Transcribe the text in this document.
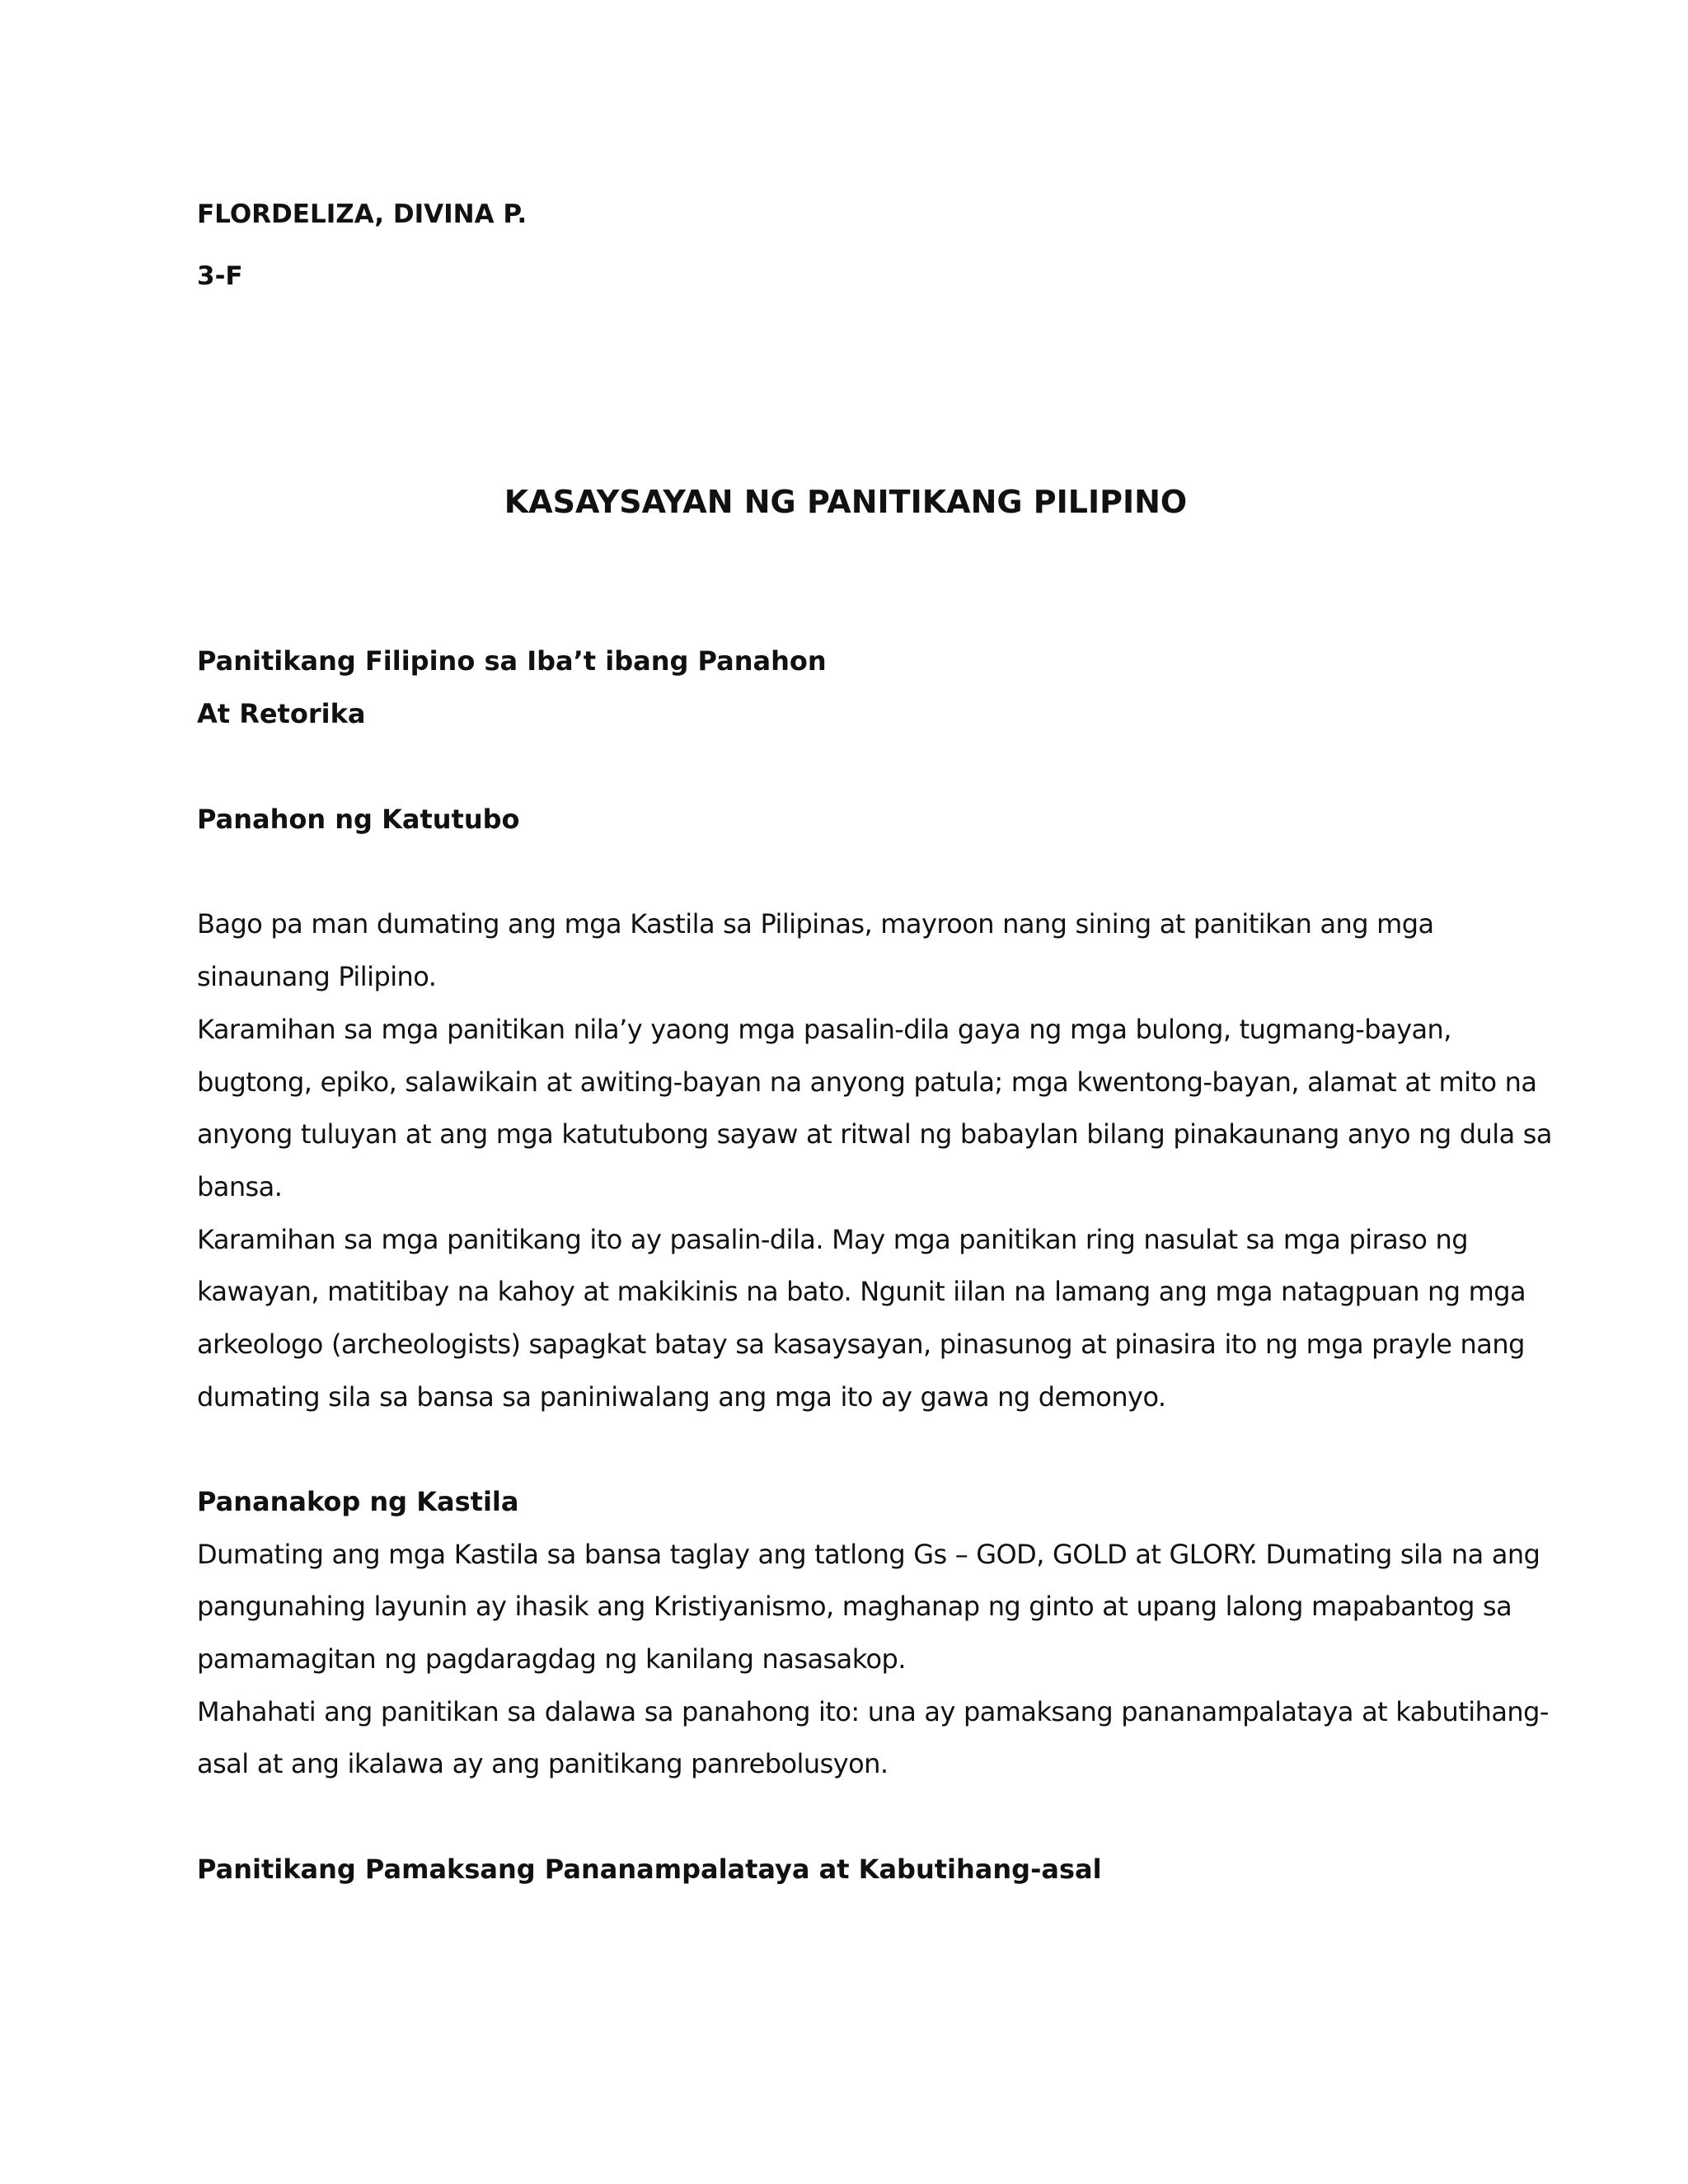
FLORDELIZA, DIVINA P.

3-F

KASAYSAYAN NG PANITIKANG PILIPINO

Panitikang Filipino sa Iba’t ibang Panahon

At Retorika

Panahon ng Katutubo

Bago pa man dumating ang mga Kastila sa Pilipinas, mayroon nang sining at panitikan ang mga

sinaunang Pilipino.

Karamihan sa mga panitikan nila’y yaong mga pasalin-dila gaya ng mga bulong, tugmang-bayan,

bugtong, epiko, salawikain at awiting-bayan na anyong patula; mga kwentong-bayan, alamat at mito na

anyong tuluyan at ang mga katutubong sayaw at ritwal ng babaylan bilang pinakaunang anyo ng dula sa

bansa.

Karamihan sa mga panitikang ito ay pasalin-dila. May mga panitikan ring nasulat sa mga piraso ng

kawayan, matitibay na kahoy at makikinis na bato. Ngunit iilan na lamang ang mga natagpuan ng mga

arkeologo (archeologists) sapagkat batay sa kasaysayan, pinasunog at pinasira ito ng mga prayle nang

dumating sila sa bansa sa paniniwalang ang mga ito ay gawa ng demonyo.

Pananakop ng Kastila

Dumating ang mga Kastila sa bansa taglay ang tatlong Gs – GOD, GOLD at GLORY. Dumating sila na ang

pangunahing layunin ay ihasik ang Kristiyanismo, maghanap ng ginto at upang lalong mapabantog sa

pamamagitan ng pagdaragdag ng kanilang nasasakop.

Mahahati ang panitikan sa dalawa sa panahong ito: una ay pamaksang pananampalataya at kabutihang-

asal at ang ikalawa ay ang panitikang panrebolusyon.

Panitikang Pamaksang Pananampalataya at Kabutihang-asal
